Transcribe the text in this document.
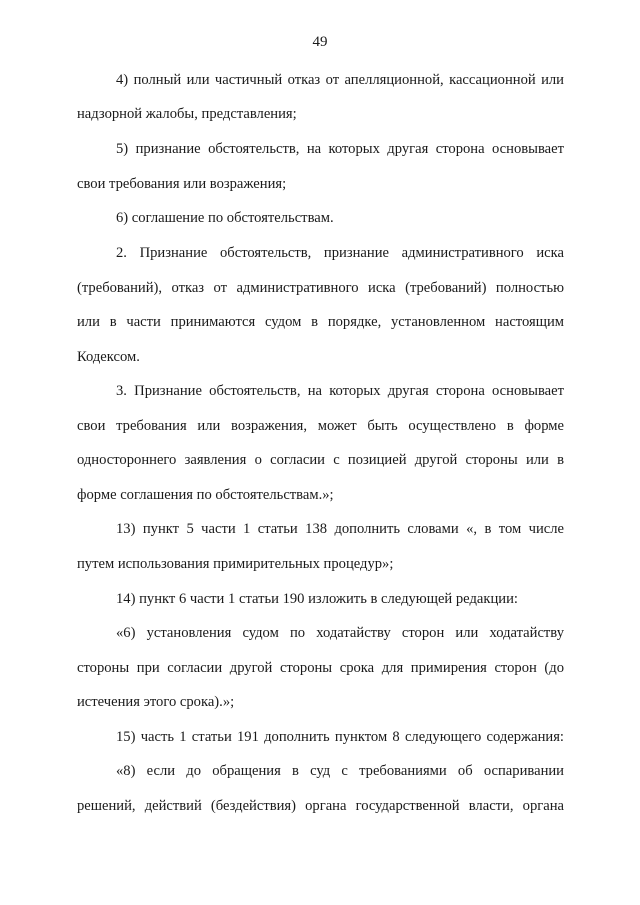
49
4) полный или частичный отказ от апелляционной, кассационной или
надзорной жалобы, представления;
5) признание обстоятельств, на которых другая сторона основывает
свои требования или возражения;
6) соглашение по обстоятельствам.
2. Признание обстоятельств, признание административного иска
(требований), отказ от административного иска (требований) полностью
или в части принимаются судом в порядке, установленном настоящим
Кодексом.
3. Признание обстоятельств, на которых другая сторона основывает
свои требования или возражения, может быть осуществлено в форме
одностороннего заявления о согласии с позицией другой стороны или в
форме соглашения по обстоятельствам.»;
13) пункт 5 части 1 статьи 138 дополнить словами «, в том числе
путем использования примирительных процедур»;
14) пункт 6 части 1 статьи 190 изложить в следующей редакции:
«6) установления судом по ходатайству сторон или ходатайству
стороны при согласии другой стороны срока для примирения сторон (до
истечения этого срока).»;
15) часть 1 статьи 191 дополнить пунктом 8 следующего содержания:
«8) если до обращения в суд с требованиями об оспаривании
решений, действий (бездействия) органа государственной власти, органа
